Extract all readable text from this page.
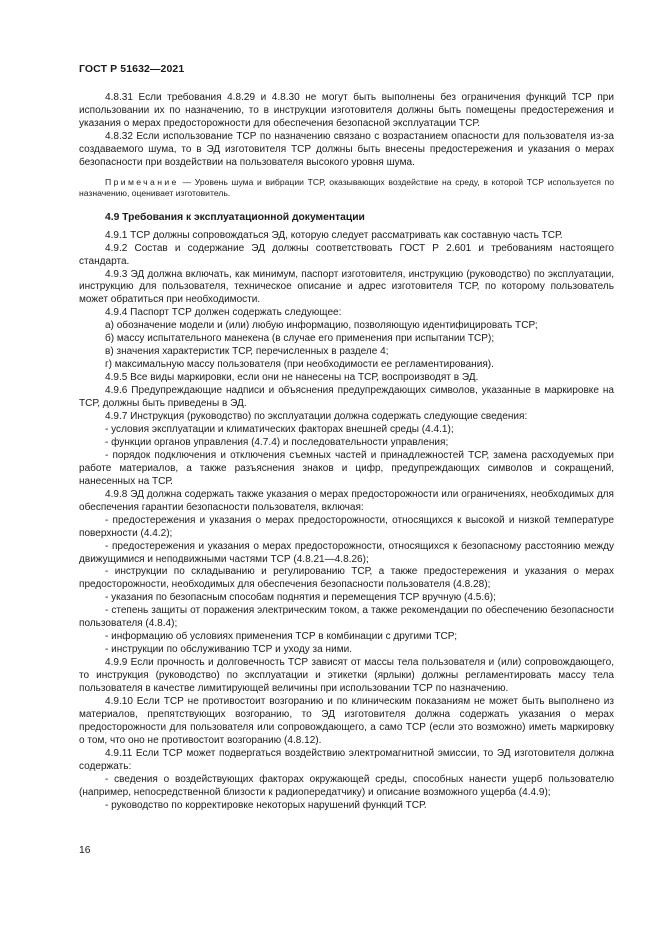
ГОСТ Р 51632—2021

4.8.31 Если требования 4.8.29 и 4.8.30 не могут быть выполнены без ограничения функций ТСР при использовании их по назначению, то в инструкции изготовителя должны быть помещены предостережения и указания о мерах предосторожности для обеспечения безопасной эксплуатации ТСР.

4.8.32 Если использование ТСР по назначению связано с возрастанием опасности для пользователя из-за создаваемого шума, то в ЭД изготовителя ТСР должны быть внесены предостережения и указания о мерах безопасности при воздействии на пользователя высокого уровня шума.

Примечание — Уровень шума и вибрации ТСР, оказывающих воздействие на среду, в которой ТСР используется по назначению, оценивает изготовитель.

4.9 Требования к эксплуатационной документации

4.9.1 ТСР должны сопровождаться ЭД, которую следует рассматривать как составную часть ТСР.

4.9.2 Состав и содержание ЭД должны соответствовать ГОСТ Р 2.601 и требованиям настоящего стандарта.

4.9.3 ЭД должна включать, как минимум, паспорт изготовителя, инструкцию (руководство) по эксплуатации, инструкцию для пользователя, техническое описание и адрес изготовителя ТСР, по которому пользователь может обратиться при необходимости.

4.9.4 Паспорт ТСР должен содержать следующее:

а) обозначение модели и (или) любую информацию, позволяющую идентифицировать ТСР;

б) массу испытательного манекена (в случае его применения при испытании ТСР);

в) значения характеристик ТСР, перечисленных в разделе 4;

г) максимальную массу пользователя (при необходимости ее регламентирования).

4.9.5 Все виды маркировки, если они не нанесены на ТСР, воспроизводят в ЭД.

4.9.6 Предупреждающие надписи и объяснения предупреждающих символов, указанные в маркировке на ТСР, должны быть приведены в ЭД.

4.9.7 Инструкция (руководство) по эксплуатации должна содержать следующие сведения:

- условия эксплуатации и климатических факторах внешней среды (4.4.1);

- функции органов управления (4.7.4) и последовательности управления;

- порядок подключения и отключения съемных частей и принадлежностей ТСР, замена расходуемых при работе материалов, а также разъяснения знаков и цифр, предупреждающих символов и сокращений, нанесенных на ТСР.

4.9.8 ЭД должна содержать также указания о мерах предосторожности или ограничениях, необходимых для обеспечения гарантии безопасности пользователя, включая:

- предостережения и указания о мерах предосторожности, относящихся к высокой и низкой температуре поверхности (4.4.2);

- предостережения и указания о мерах предосторожности, относящихся к безопасному расстоянию между движущимися и неподвижными частями ТСР (4.8.21—4.8.26);

- инструкции по складыванию и регулированию ТСР, а также предостережения и указания о мерах предосторожности, необходимых для обеспечения безопасности пользователя (4.8.28);

- указания по безопасным способам поднятия и перемещения ТСР вручную (4.5.6);

- степень защиты от поражения электрическим током, а также рекомендации по обеспечению безопасности пользователя (4.8.4);

- информацию об условиях применения ТСР в комбинации с другими ТСР;

- инструкции по обслуживанию ТСР и уходу за ними.

4.9.9 Если прочность и долговечность ТСР зависят от массы тела пользователя и (или) сопровождающего, то инструкция (руководство) по эксплуатации и этикетки (ярлыки) должны регламентировать массу тела пользователя в качестве лимитирующей величины при использовании ТСР по назначению.

4.9.10 Если ТСР не противостоит возгоранию и по клиническим показаниям не может быть выполнено из материалов, препятствующих возгоранию, то ЭД изготовителя должна содержать указания о мерах предосторожности для пользователя или сопровождающего, а само ТСР (если это возможно) иметь маркировку о том, что оно не противостоит возгоранию (4.8.12).

4.9.11 Если ТСР может подвергаться воздействию электромагнитной эмиссии, то ЭД изготовителя должна содержать:

- сведения о воздействующих факторах окружающей среды, способных нанести ущерб пользователю (например, непосредственной близости к радиопередатчику) и описание возможного ущерба (4.4.9);

- руководство по корректировке некоторых нарушений функций ТСР.

16
